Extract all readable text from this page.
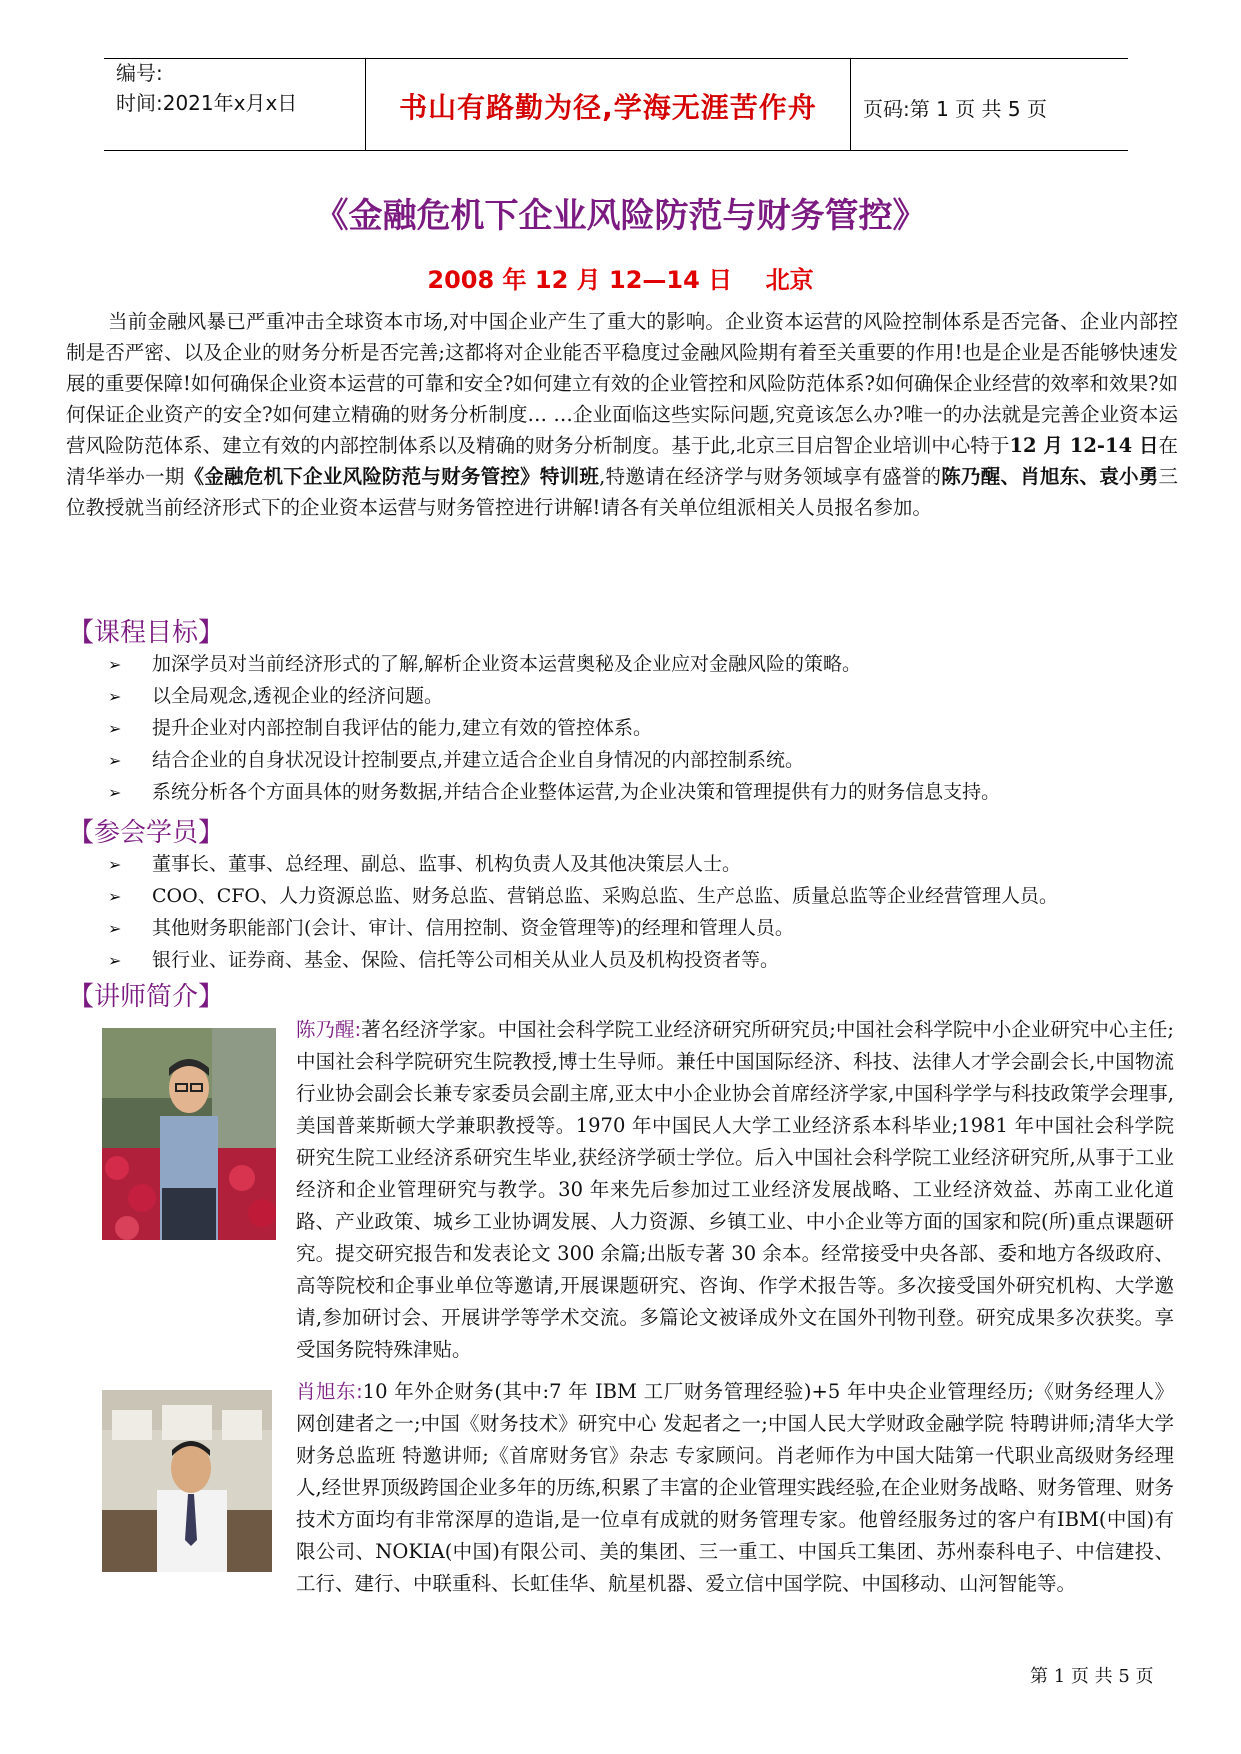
编号:
时间:2021年x月x日	书山有路勤为径,学海无涯苦作舟	页码:第 1 页 共 5 页
《金融危机下企业风险防范与财务管控》
2008 年 12 月 12—14 日    北京
当前金融风暴已严重冲击全球资本市场,对中国企业产生了重大的影响。企业资本运营的风险控制体系是否完备、企业内部控制是否严密、以及企业的财务分析是否完善;这都将对企业能否平稳度过金融风险期有着至关重要的作用!也是企业是否能够快速发展的重要保障!如何确保企业资本运营的可靠和安全?如何建立有效的企业管控和风险防范体系?如何确保企业经营的效率和效果?如何保证企业资产的安全?如何建立精确的财务分析制度… …企业面临这些实际问题,究竟该怎么办?唯一的办法就是完善企业资本运营风险防范体系、建立有效的内部控制体系以及精确的财务分析制度。基于此,北京三目启智企业培训中心特于12 月 12-14 日在清华举办一期《金融危机下企业风险防范与财务管控》特训班,特邀请在经济学与财务领域享有盛誉的陈乃醒、肖旭东、袁小勇三位教授就当前经济形式下的企业资本运营与财务管控进行讲解!请各有关单位组派相关人员报名参加。
【课程目标】
➢ 加深学员对当前经济形式的了解,解析企业资本运营奥秘及企业应对金融风险的策略。
➢ 以全局观念,透视企业的经济问题。
➢ 提升企业对内部控制自我评估的能力,建立有效的管控体系。
➢ 结合企业的自身状况设计控制要点,并建立适合企业自身情况的内部控制系统。
➢ 系统分析各个方面具体的财务数据,并结合企业整体运营,为企业决策和管理提供有力的财务信息支持。
【参会学员】
➢ 董事长、董事、总经理、副总、监事、机构负责人及其他决策层人士。
➢ COO、CFO、人力资源总监、财务总监、营销总监、采购总监、生产总监、质量总监等企业经营管理人员。
➢ 其他财务职能部门(会计、审计、信用控制、资金管理等)的经理和管理人员。
➢ 银行业、证券商、基金、保险、信托等公司相关从业人员及机构投资者等。
【讲师简介】
陈乃醒:著名经济学家。中国社会科学院工业经济研究所研究员;中国社会科学院中小企业研究中心主任;中国社会科学院研究生院教授,博士生导师。兼任中国国际经济、科技、法律人才学会副会长,中国物流行业协会副会长兼专家委员会副主席,亚太中小企业协会首席经济学家,中国科学学与科技政策学会理事,美国普莱斯顿大学兼职教授等。1970 年中国民人大学工业经济系本科毕业;1981 年中国社会科学院研究生院工业经济系研究生毕业,获经济学硕士学位。后入中国社会科学院工业经济研究所,从事于工业经济和企业管理研究与教学。30 年来先后参加过工业经济发展战略、工业经济效益、苏南工业化道路、产业政策、城乡工业协调发展、人力资源、乡镇工业、中小企业等方面的国家和院(所)重点课题研究。提交研究报告和发表论文 300 余篇;出版专著 30 余本。经常接受中央各部、委和地方各级政府、高等院校和企事业单位等邀请,开展课题研究、咨询、作学术报告等。多次接受国外研究机构、大学邀请,参加研讨会、开展讲学等学术交流。多篇论文被译成外文在国外刊物刊登。研究成果多次获奖。享受国务院特殊津贴。
肖旭东:10 年外企财务(其中:7 年 IBM 工厂财务管理经验)+5 年中央企业管理经历;《财务经理人》 网创建者之一;中国《财务技术》研究中心 发起者之一;中国人民大学财政金融学院 特聘讲师;清华大学财务总监班 特邀讲师;《首席财务官》杂志 专家顾问。肖老师作为中国大陆第一代职业高级财务经理人,经世界顶级跨国企业多年的历练,积累了丰富的企业管理实践经验,在企业财务战略、财务管理、财务技术方面均有非常深厚的造诣,是一位卓有成就的财务管理专家。他曾经服务过的客户有IBM(中国)有限公司、NOKIA(中国)有限公司、美的集团、三一重工、中国兵工集团、苏州泰科电子、中信建投、工行、建行、中联重科、长虹佳华、航星机器、爱立信中国学院、中国移动、山河智能等。
第 1 页 共 5 页
